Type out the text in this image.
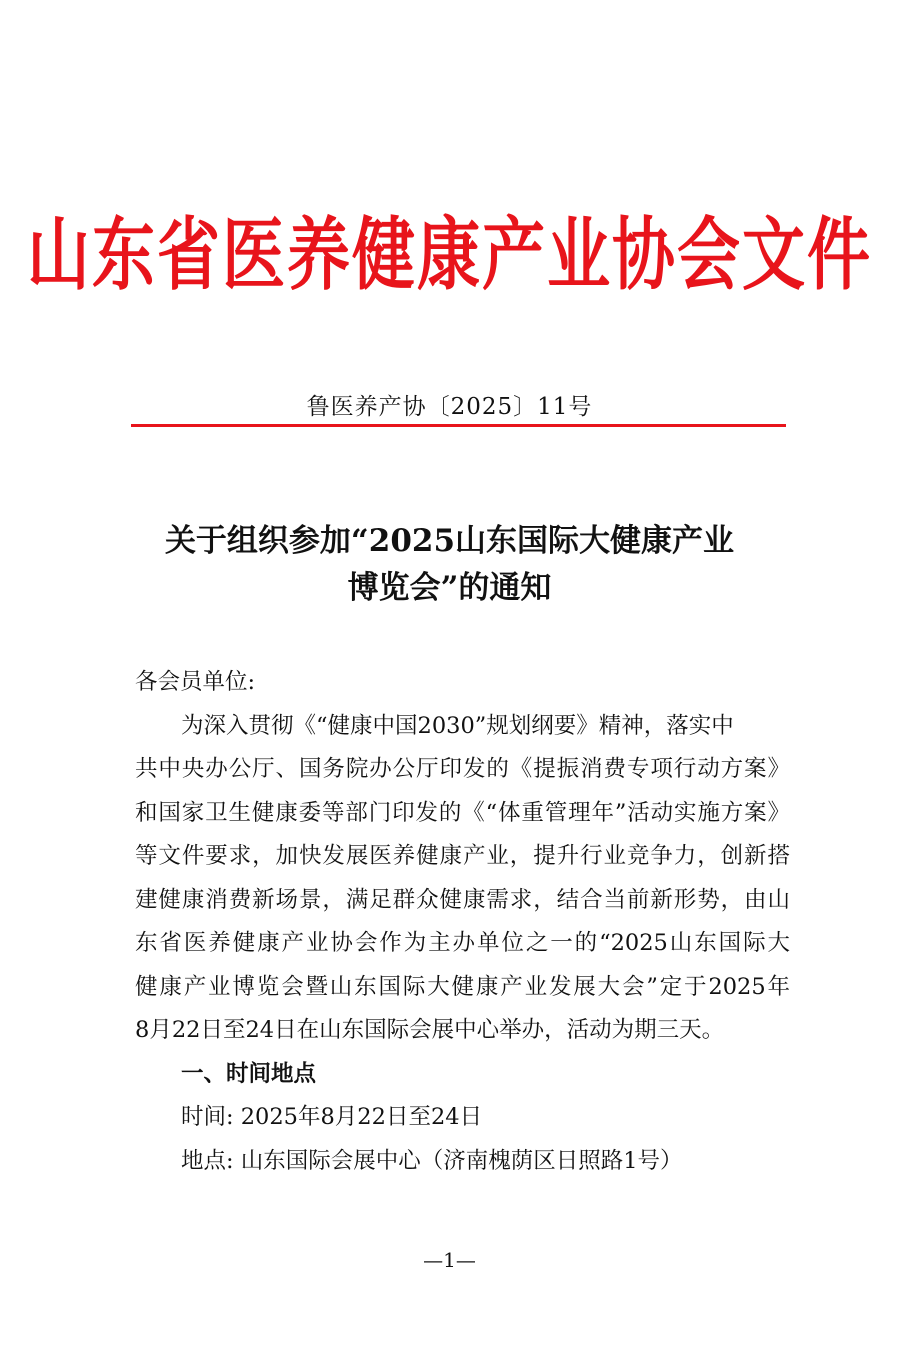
山东省医养健康产业协会文件
鲁医养产协〔2025〕11号
关于组织参加“2025山东国际大健康产业
博览会”的通知
各会员单位:
为深入贯彻《“健康中国2030”规划纲要》精神，落实中
共中央办公厅、国务院办公厅印发的《提振消费专项行动方案》
和国家卫生健康委等部门印发的《“体重管理年”活动实施方案》
等文件要求，加快发展医养健康产业，提升行业竞争力，创新搭
建健康消费新场景，满足群众健康需求，结合当前新形势，由山
东省医养健康产业协会作为主办单位之一的“2025山东国际大
健康产业博览会暨山东国际大健康产业发展大会”定于2025年
8月22日至24日在山东国际会展中心举办，活动为期三天。
一、时间地点
时间: 2025年8月22日至24日
地点: 山东国际会展中心（济南槐荫区日照路1号）
—1—
